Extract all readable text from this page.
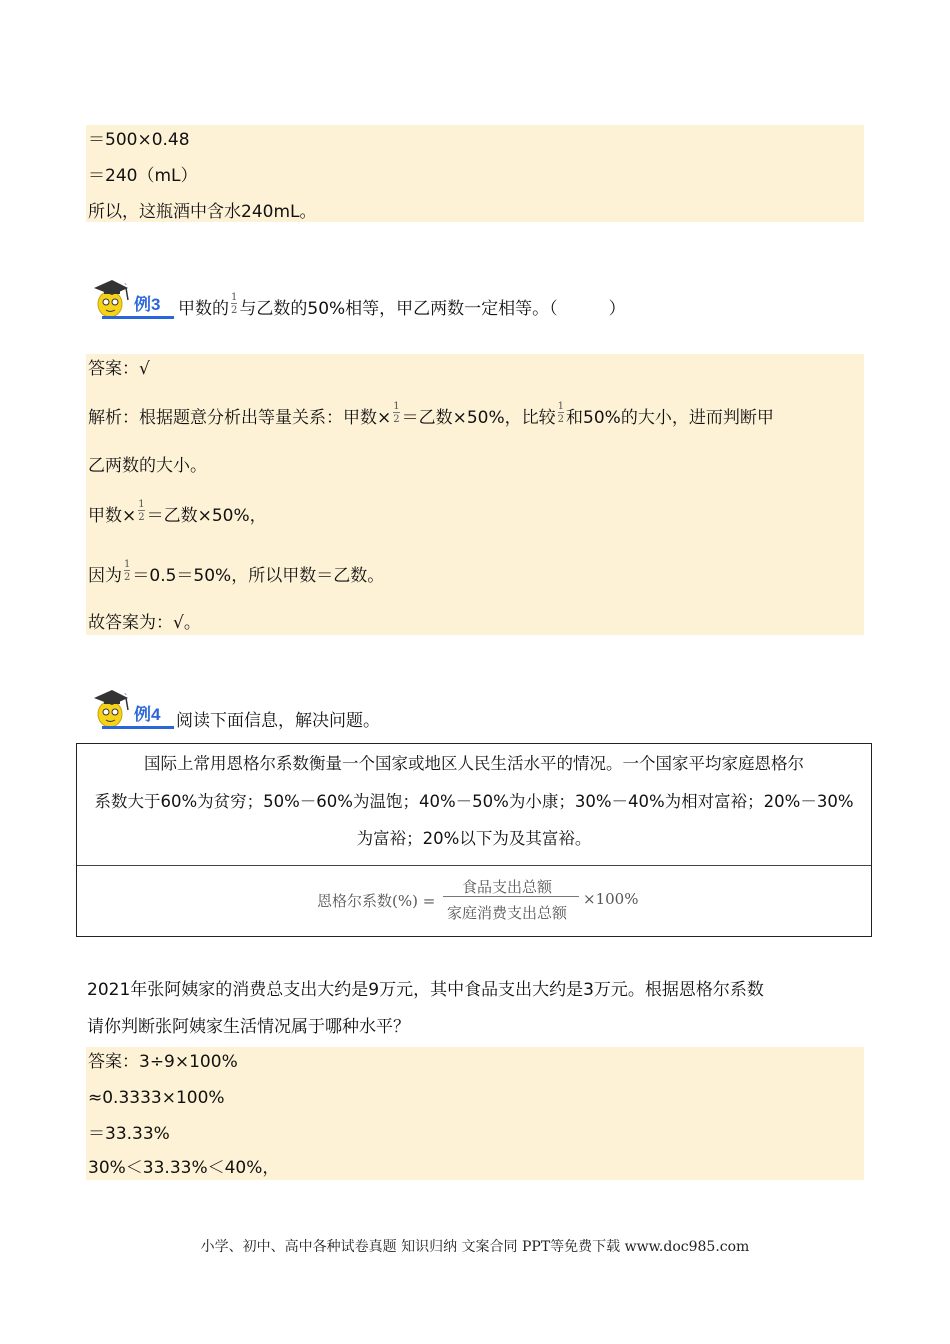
＝500×0.48
＝240（mL）
所以，这瓶酒中含水240mL。
、
例3 甲数的 $\frac{1}{2}$ 与乙数的50%相等，甲乙两数一定相等。（　　　）
答案：√
解析：根据题意分析出等量关系：甲数× $\frac{1}{2}$ ＝乙数×50%，比较 $\frac{1}{2}$ 和50%的大小，进而判断甲
乙两数的大小。
甲数× $\frac{1}{2}$ ＝乙数×50%，
因为 $\frac{1}{2} =0.5=50\%$，所以甲数＝乙数。
故答案为：√。
、
例4 阅读下面信息，解决问题。
国际上常用恩格尔系数衡量一个国家或地区人民生活水平的情况。一个国家平均家庭恩格尔
系数大于60%为贫穷；50%－60%为温饱；40%－50%为小康；30%－40%为相对富裕；20%－30%
为富裕；20%以下为及其富裕。
恩格尔系数(%) =
食品支出总额
家庭消费支出总额
×100%
2021年张阿姨家的消费总支出大约是9万元，其中食品支出大约是3万元。根据恩格尔系数
请你判断张阿姨家生活情况属于哪种水平？
答案：3÷9×100%
≈0.3333×100%
＝33.33%
30%＜33.33%＜40%，
小学、初中、高中各种试卷真题 知识归纳 文案合同 PPT等免费下载 www.doc985.com
